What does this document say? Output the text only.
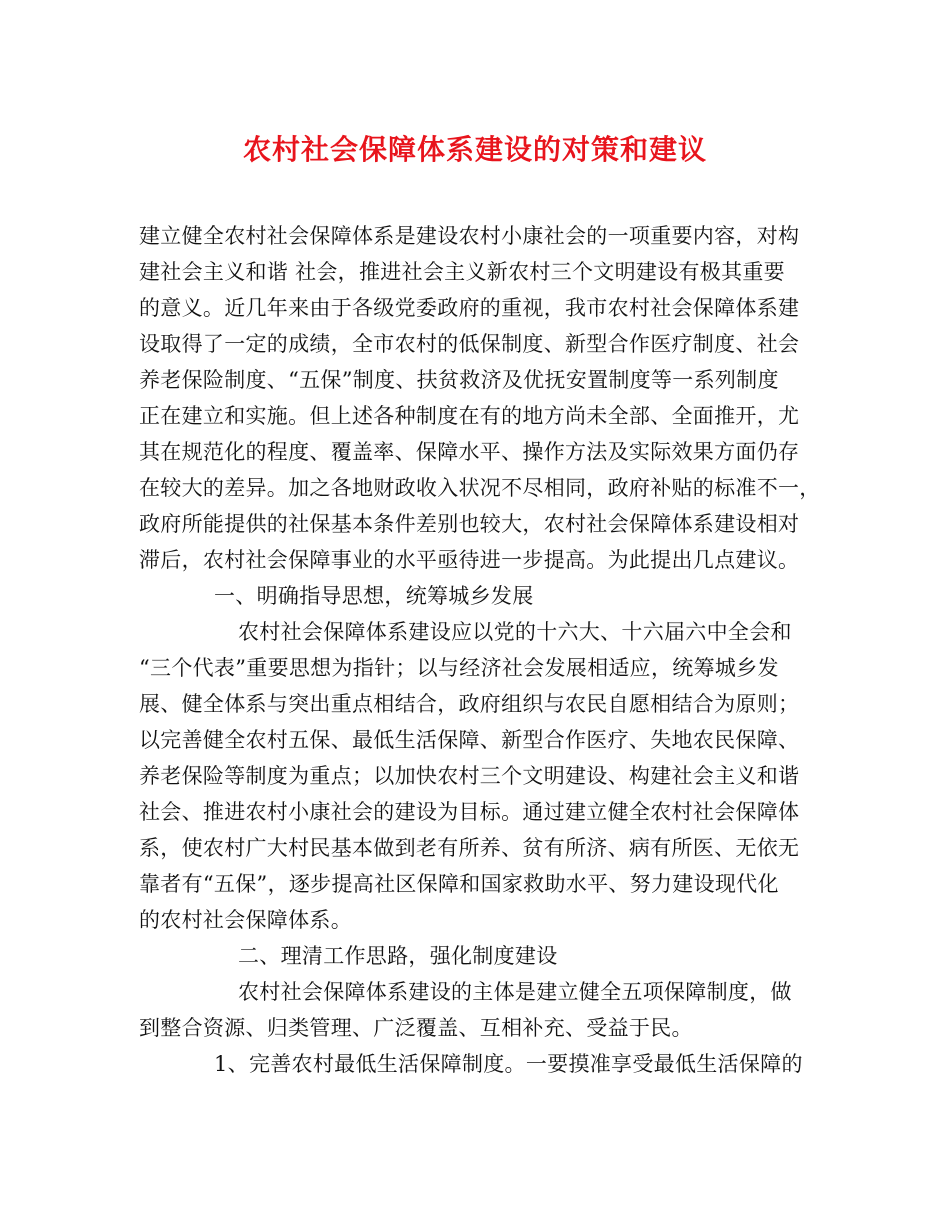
农村社会保障体系建设的对策和建议
建立健全农村社会保障体系是建设农村小康社会的一项重要内容，对构
建社会主义和谐 社会，推进社会主义新农村三个文明建设有极其重要
的意义。近几年来由于各级党委政府的重视，我市农村社会保障体系建
设取得了一定的成绩，全市农村的低保制度、新型合作医疗制度、社会
养老保险制度、“五保”制度、扶贫救济及优抚安置制度等一系列制度
正在建立和实施。但上述各种制度在有的地方尚未全部、全面推开，尤
其在规范化的程度、覆盖率、保障水平、操作方法及实际效果方面仍存
在较大的差异。加之各地财政收入状况不尽相同，政府补贴的标准不一，
政府所能提供的社保基本条件差别也较大，农村社会保障体系建设相对
滞后，农村社会保障事业的水平亟待进一步提高。为此提出几点建议。
一、明确指导思想，统筹城乡发展
农村社会保障体系建设应以党的十六大、十六届六中全会和
“三个代表”重要思想为指针；以与经济社会发展相适应，统筹城乡发
展、健全体系与突出重点相结合，政府组织与农民自愿相结合为原则；
以完善健全农村五保、最低生活保障、新型合作医疗、失地农民保障、
养老保险等制度为重点；以加快农村三个文明建设、构建社会主义和谐
社会、推进农村小康社会的建设为目标。通过建立健全农村社会保障体
系，使农村广大村民基本做到老有所养、贫有所济、病有所医、无依无
靠者有“五保”，逐步提高社区保障和国家救助水平、努力建设现代化
的农村社会保障体系。
二、理清工作思路，强化制度建设
农村社会保障体系建设的主体是建立健全五项保障制度，做
到整合资源、归类管理、广泛覆盖、互相补充、受益于民。
1、完善农村最低生活保障制度。一要摸准享受最低生活保障的
